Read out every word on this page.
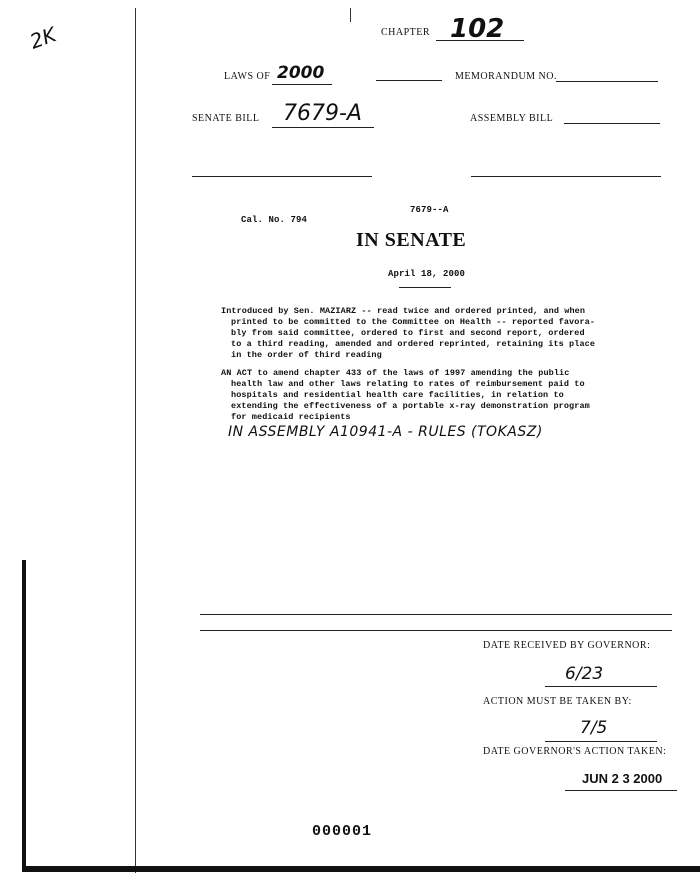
2K	CHAPTER 102
LAWS OF 2000	MEMORANDUM NO.
SENATE BILL 7679-A	ASSEMBLY BILL
7679--A
Cal. No. 794
IN SENATE
April 18, 2000
Introduced by Sen. MAZIARZ -- read twice and ordered printed, and when
printed to be committed to the Committee on Health -- reported favora-
bly from said committee, ordered to first and second report, ordered
to a third reading, amended and ordered reprinted, retaining its place
in the order of third reading
AN ACT to amend chapter 433 of the laws of 1997 amending the public
health law and other laws relating to rates of reimbursement paid to
hospitals and residential health care facilities, in relation to
extending the effectiveness of a portable x-ray demonstration program
for medicaid recipients
IN ASSEMBLY A10941-A - RULES (TOKASZ)
DATE RECEIVED BY GOVERNOR:
6/23
ACTION MUST BE TAKEN BY:
7/5
DATE GOVERNOR'S ACTION TAKEN:
JUN 2 3 2000
000001
